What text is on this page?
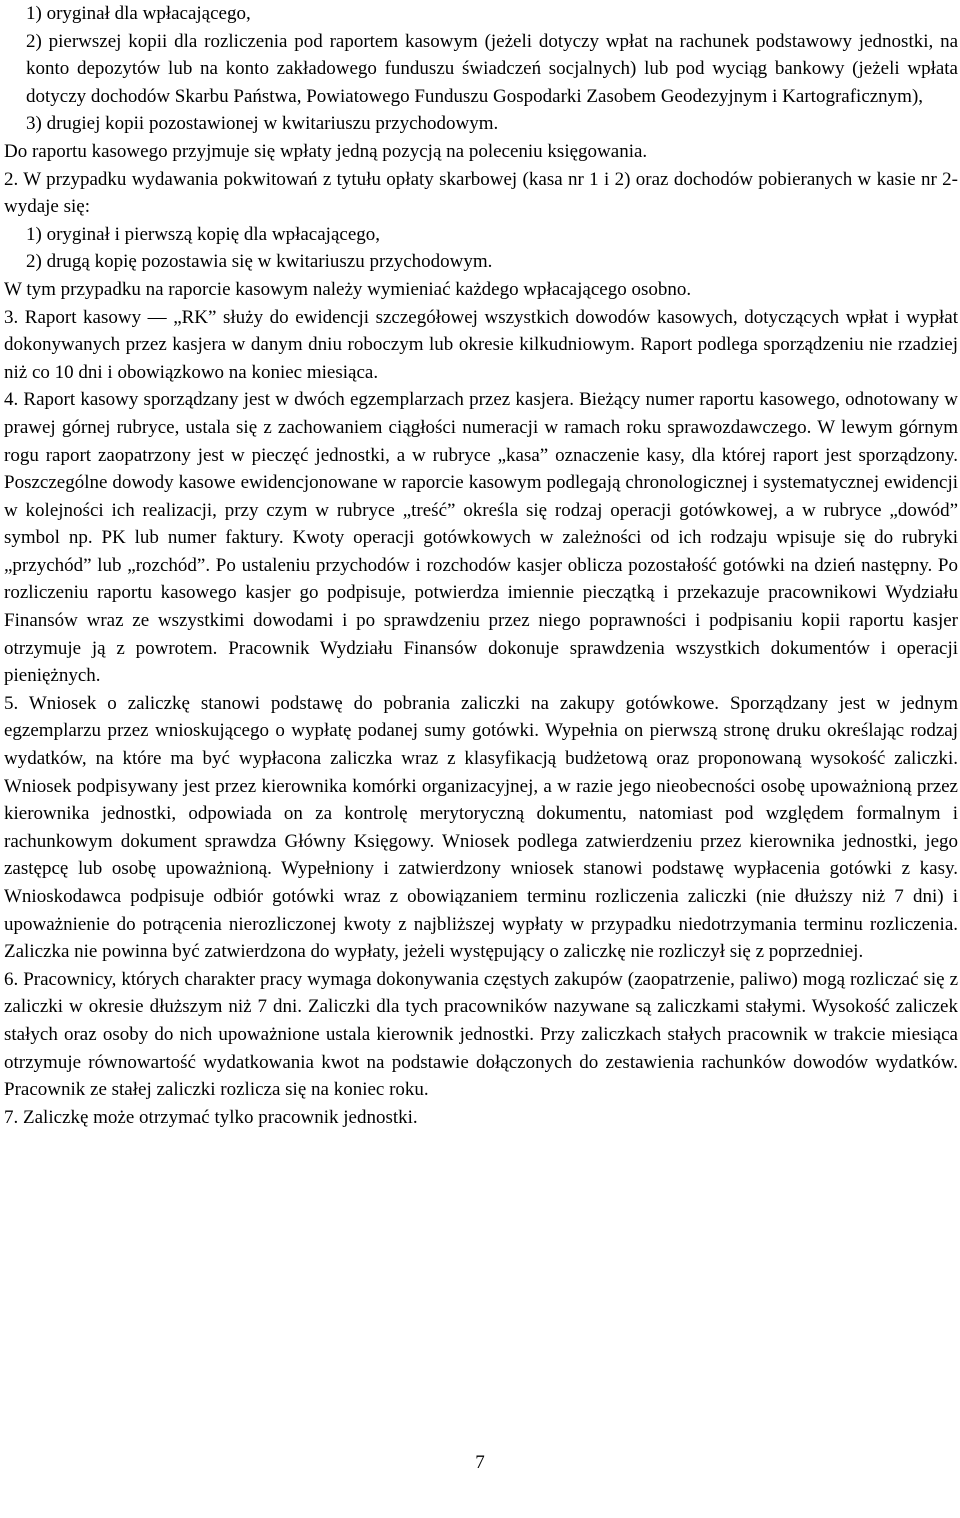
1) oryginał dla wpłacającego,

2) pierwszej kopii dla rozliczenia pod raportem kasowym (jeżeli dotyczy wpłat na rachunek podstawowy jednostki, na konto depozytów lub na konto zakładowego funduszu świadczeń socjalnych) lub pod wyciąg bankowy (jeżeli wpłata dotyczy dochodów Skarbu Państwa, Powiatowego Funduszu Gospodarki Zasobem Geodezyjnym i Kartograficznym),

3) drugiej kopii pozostawionej w kwitariuszu przychodowym.

Do raportu kasowego przyjmuje się wpłaty jedną pozycją na poleceniu księgowania.

2. W przypadku wydawania pokwitowań z tytułu opłaty skarbowej (kasa nr 1 i 2) oraz dochodów pobieranych w kasie nr 2- wydaje się:

1) oryginał i pierwszą kopię dla wpłacającego,

2) drugą kopię pozostawia się w kwitariuszu przychodowym.

W tym przypadku na raporcie kasowym należy wymieniać każdego wpłacającego osobno.

3. Raport kasowy — „RK” służy do ewidencji szczegółowej wszystkich dowodów kasowych, dotyczących wpłat i wypłat dokonywanych przez kasjera w danym dniu roboczym lub okresie kilkudniowym. Raport podlega sporządzeniu nie rzadziej niż co 10 dni i obowiązkowo na koniec miesiąca.

4. Raport kasowy sporządzany jest w dwóch egzemplarzach przez kasjera. Bieżący numer raportu kasowego, odnotowany w prawej górnej rubryce, ustala się z zachowaniem ciągłości numeracji w ramach roku sprawozdawczego. W lewym górnym rogu raport zaopatrzony jest w pieczęć jednostki, a w rubryce „kasa” oznaczenie kasy, dla której raport jest sporządzony. Poszczególne dowody kasowe ewidencjonowane w raporcie kasowym podlegają chronologicznej i systematycznej ewidencji w kolejności ich realizacji, przy czym w rubryce „treść” określa się rodzaj operacji gotówkowej, a w rubryce „dowód” symbol np. PK lub numer faktury. Kwoty operacji gotówkowych w zależności od ich rodzaju wpisuje się do rubryki „przychód” lub „rozchód”. Po ustaleniu przychodów i rozchodów kasjer oblicza pozostałość gotówki na dzień następny. Po rozliczeniu raportu kasowego kasjer go podpisuje, potwierdza imiennie pieczątką i przekazuje pracownikowi Wydziału Finansów wraz ze wszystkimi dowodami i po sprawdzeniu przez niego poprawności i podpisaniu kopii raportu kasjer otrzymuje ją z powrotem. Pracownik Wydziału Finansów dokonuje sprawdzenia wszystkich dokumentów i operacji pieniężnych.

5. Wniosek o zaliczkę stanowi podstawę do pobrania zaliczki na zakupy gotówkowe. Sporządzany jest w jednym egzemplarzu przez wnioskującego o wypłatę podanej sumy gotówki. Wypełnia on pierwszą stronę druku określając rodzaj wydatków, na które ma być wypłacona zaliczka wraz z klasyfikacją budżetową oraz proponowaną wysokość zaliczki. Wniosek podpisywany jest przez kierownika komórki organizacyjnej, a w razie jego nieobecności osobę upoważnioną przez kierownika jednostki, odpowiada on za kontrolę merytoryczną dokumentu, natomiast pod względem formalnym i rachunkowym dokument sprawdza Główny Księgowy. Wniosek podlega zatwierdzeniu przez kierownika jednostki, jego zastępcę lub osobę upoważnioną. Wypełniony i zatwierdzony wniosek stanowi podstawę wypłacenia gotówki z kasy. Wnioskodawca podpisuje odbiór gotówki wraz z obowiązaniem terminu rozliczenia zaliczki (nie dłuższy niż 7 dni) i upoważnienie do potrącenia nierozliczonej kwoty z najbliższej wypłaty w przypadku niedotrzymania terminu rozliczenia. Zaliczka nie powinna być zatwierdzona do wypłaty, jeżeli występujący o zaliczkę nie rozliczył się z poprzedniej.

6. Pracownicy, których charakter pracy wymaga dokonywania częstych zakupów (zaopatrzenie, paliwo) mogą rozliczać się z zaliczki w okresie dłuższym niż 7 dni. Zaliczki dla tych pracowników nazywane są zaliczkami stałymi. Wysokość zaliczek stałych oraz osoby do nich upoważnione ustala kierownik jednostki. Przy zaliczkach stałych pracownik w trakcie miesiąca otrzymuje równowartość wydatkowania kwot na podstawie dołączonych do zestawienia rachunków dowodów wydatków. Pracownik ze stałej zaliczki rozlicza się na koniec roku.

7. Zaliczkę może otrzymać tylko pracownik jednostki.

7
